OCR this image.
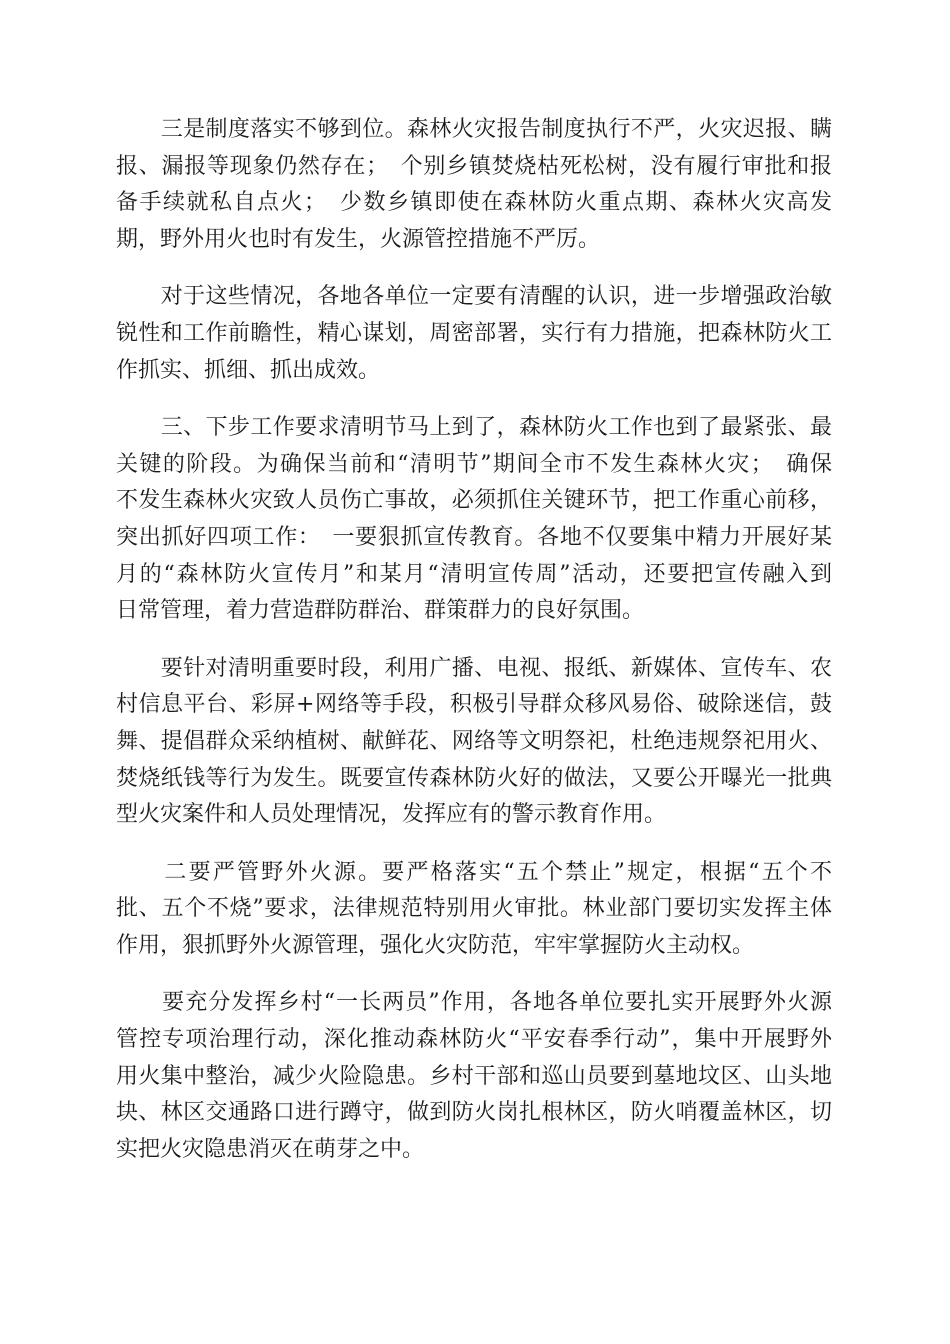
　　三是制度落实不够到位。森林火灾报告制度执行不严，火灾迟报、瞒
报、漏报等现象仍然存在；　个别乡镇焚烧枯死松树，没有履行审批和报
备手续就私自点火；　少数乡镇即使在森林防火重点期、森林火灾高发
期，野外用火也时有发生，火源管控措施不严厉。
　　对于这些情况，各地各单位一定要有清醒的认识，进一步增强政治敏
锐性和工作前瞻性，精心谋划，周密部署，实行有力措施，把森林防火工
作抓实、抓细、抓出成效。
　　三、下步工作要求清明节马上到了，森林防火工作也到了最紧张、最
关键的阶段。为确保当前和“清明节”期间全市不发生森林火灾；　确保
不发生森林火灾致人员伤亡事故，必须抓住关键环节，把工作重心前移，
突出抓好四项工作：　一要狠抓宣传教育。各地不仅要集中精力开展好某
月的“森林防火宣传月”和某月“清明宣传周”活动，还要把宣传融入到
日常管理，着力营造群防群治、群策群力的良好氛围。
　　要针对清明重要时段，利用广播、电视、报纸、新媒体、宣传车、农
村信息平台、彩屏+网络等手段，积极引导群众移风易俗、破除迷信，鼓
舞、提倡群众采纳植树、献鲜花、网络等文明祭祀，杜绝违规祭祀用火、
焚烧纸钱等行为发生。既要宣传森林防火好的做法，又要公开曝光一批典
型火灾案件和人员处理情况，发挥应有的警示教育作用。
　　二要严管野外火源。要严格落实“五个禁止”规定，根据“五个不
批、五个不烧”要求，法律规范特别用火审批。林业部门要切实发挥主体
作用，狠抓野外火源管理，强化火灾防范，牢牢掌握防火主动权。
　　要充分发挥乡村“一长两员”作用，各地各单位要扎实开展野外火源
管控专项治理行动，深化推动森林防火“平安春季行动”，集中开展野外
用火集中整治，减少火险隐患。乡村干部和巡山员要到墓地坟区、山头地
块、林区交通路口进行蹲守，做到防火岗扎根林区，防火哨覆盖林区，切
实把火灾隐患消灭在萌芽之中。
